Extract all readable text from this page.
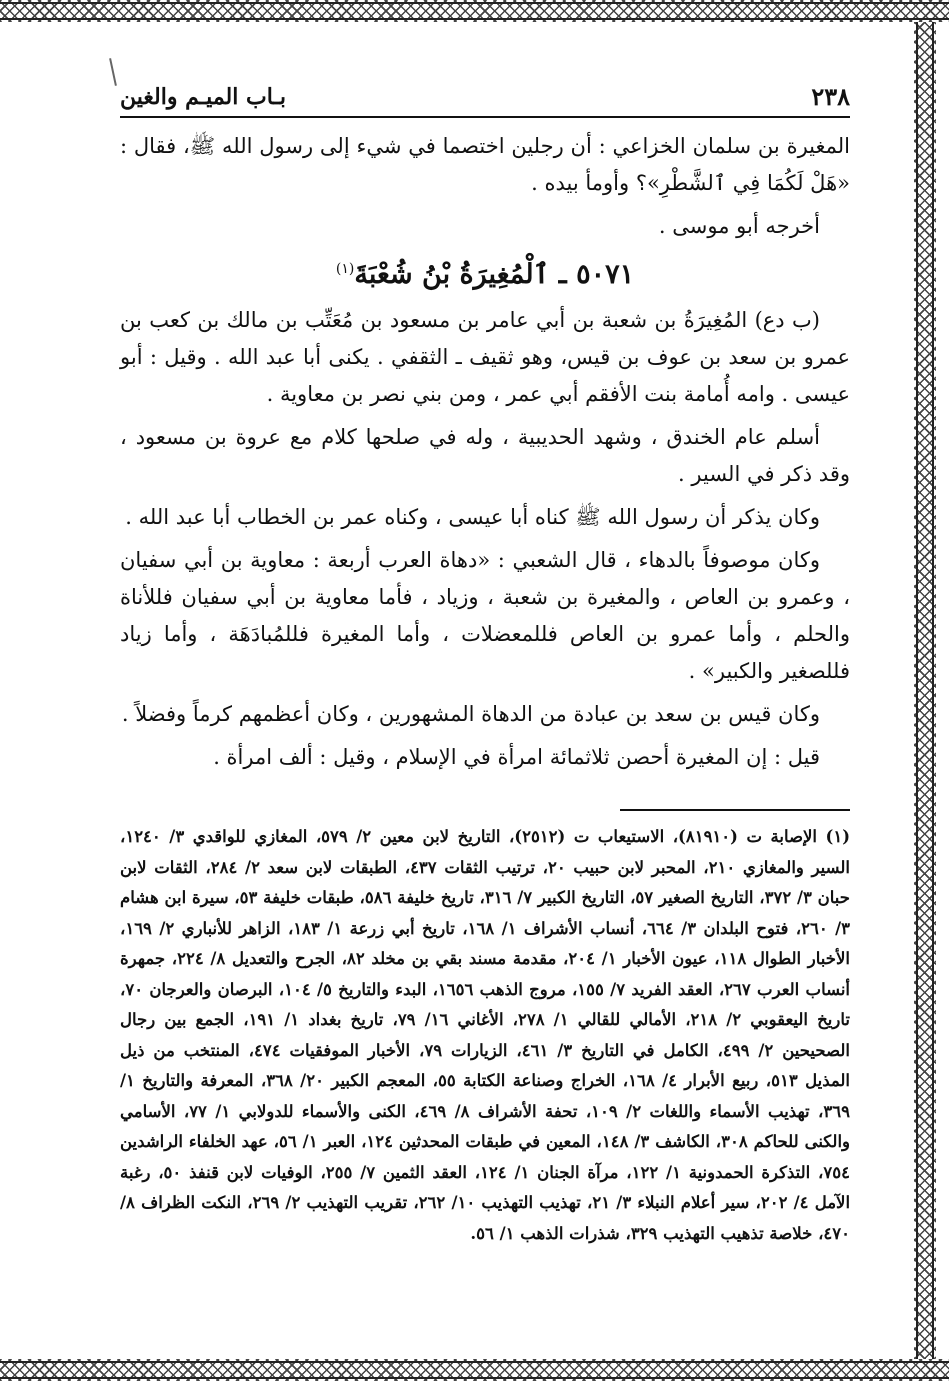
٢٣٨
بـاب الميـم والغين

المغيرة بن سلمان الخزاعي : أن رجلين اختصما في شيء إلى رسول الله ﷺ، فقال : «هَلْ لَكُمَا فِي ٱلشَّطْرِ»؟ وأومأ بيده .

أخرجه أبو موسى .

٥٠٧١ ـ ٱلْمُغِيرَةُ بْنُ شُعْبَةَ$^{(١)}$

(ب دع) المُغِيرَةُ بن شعبة بن أبي عامر بن مسعود بن مُعَتِّب بن مالك بن كعب بن عمرو بن سعد بن عوف بن قيس، وهو ثقيف ـ الثقفي . يكنى أبا عبد الله . وقيل : أبو عيسى . وامه أُمامة بنت الأفقم أبي عمر ، ومن بني نصر بن معاوية .

أسلم عام الخندق ، وشهد الحديبية ، وله في صلحها كلام مع عروة بن مسعود ، وقد ذكر في السير .

وكان يذكر أن رسول الله ﷺ كناه أبا عيسى ، وكناه عمر بن الخطاب أبا عبد الله .

وكان موصوفاً بالدهاء ، قال الشعبي : «دهاة العرب أربعة : معاوية بن أبي سفيان ، وعمرو بن العاص ، والمغيرة بن شعبة ، وزياد ، فأما معاوية بن أبي سفيان فللأناة والحلم ، وأما عمرو بن العاص فللمعضلات ، وأما المغيرة فللمُبادَهَة ، وأما زياد فللصغير والكبير» .

وكان قيس بن سعد بن عبادة من الدهاة المشهورين ، وكان أعظمهم كرماً وفضلاً .

قيل : إن المغيرة أحصن ثلاثمائة امرأة في الإسلام ، وقيل : ألف امرأة .

(١) الإصابة ت (٨١٩١٠)، الاستيعاب ت (٢٥١٢)، التاريخ لابن معين ٢/ ٥٧٩، المغازي للواقدي ٣/ ١٢٤٠، السير والمغازي ٢١٠، المحبر لابن حبيب ٢٠، ترتيب الثقات ٤٣٧، الطبقات لابن سعد ٢/ ٢٨٤، الثقات لابن حبان ٣/ ٣٧٢، التاريخ الصغير ٥٧، التاريخ الكبير ٧/ ٣١٦، تاريخ خليفة ٥٨٦، طبقات خليفة ٥٣، سيرة ابن هشام ٣/ ٢٦٠، فتوح البلدان ٣/ ٦٦٤، أنساب الأشراف ١/ ١٦٨، تاريخ أبي زرعة ١/ ١٨٣، الزاهر للأنباري ٢/ ١٦٩، الأخبار الطوال ١١٨، عيون الأخبار ١/ ٢٠٤، مقدمة مسند بقي بن مخلد ٨٢، الجرح والتعديل ٨/ ٢٢٤، جمهرة أنساب العرب ٢٦٧، العقد الفريد ٧/ ١٥٥، مروج الذهب ١٦٥٦، البدء والتاريخ ٥/ ١٠٤، البرصان والعرجان ٧٠، تاريخ اليعقوبي ٢/ ٢١٨، الأمالي للقالي ١/ ٢٧٨، الأغاني ١٦/ ٧٩، تاريخ بغداد ١/ ١٩١، الجمع بين رجال الصحيحين ٢/ ٤٩٩، الكامل في التاريخ ٣/ ٤٦١، الزيارات ٧٩، الأخبار الموفقيات ٤٧٤، المنتخب من ذيل المذيل ٥١٣، ربيع الأبرار ٤/ ١٦٨، الخراج وصناعة الكتابة ٥٥، المعجم الكبير ٢٠/ ٣٦٨، المعرفة والتاريخ ١/ ٣٦٩، تهذيب الأسماء واللغات ٢/ ١٠٩، تحفة الأشراف ٨/ ٤٦٩، الكنى والأسماء للدولابي ١/ ٧٧، الأسامي والكنى للحاكم ٣٠٨، الكاشف ٣/ ١٤٨، المعين في طبقات المحدثين ١٢٤، العبر ١/ ٥٦، عهد الخلفاء الراشدين ٧٥٤، التذكرة الحمدونية ١/ ١٢٢، مرآة الجنان ١/ ١٢٤، العقد الثمين ٧/ ٢٥٥، الوفيات لابن قنفذ ٥٠، رغبة الآمل ٤/ ٢٠٢، سير أعلام النبلاء ٣/ ٢١، تهذيب التهذيب ١٠/ ٢٦٢، تقريب التهذيب ٢/ ٢٦٩، النكت الظراف ٨/ ٤٧٠، خلاصة تذهيب التهذيب ٣٢٩، شذرات الذهب ١/ ٥٦.
